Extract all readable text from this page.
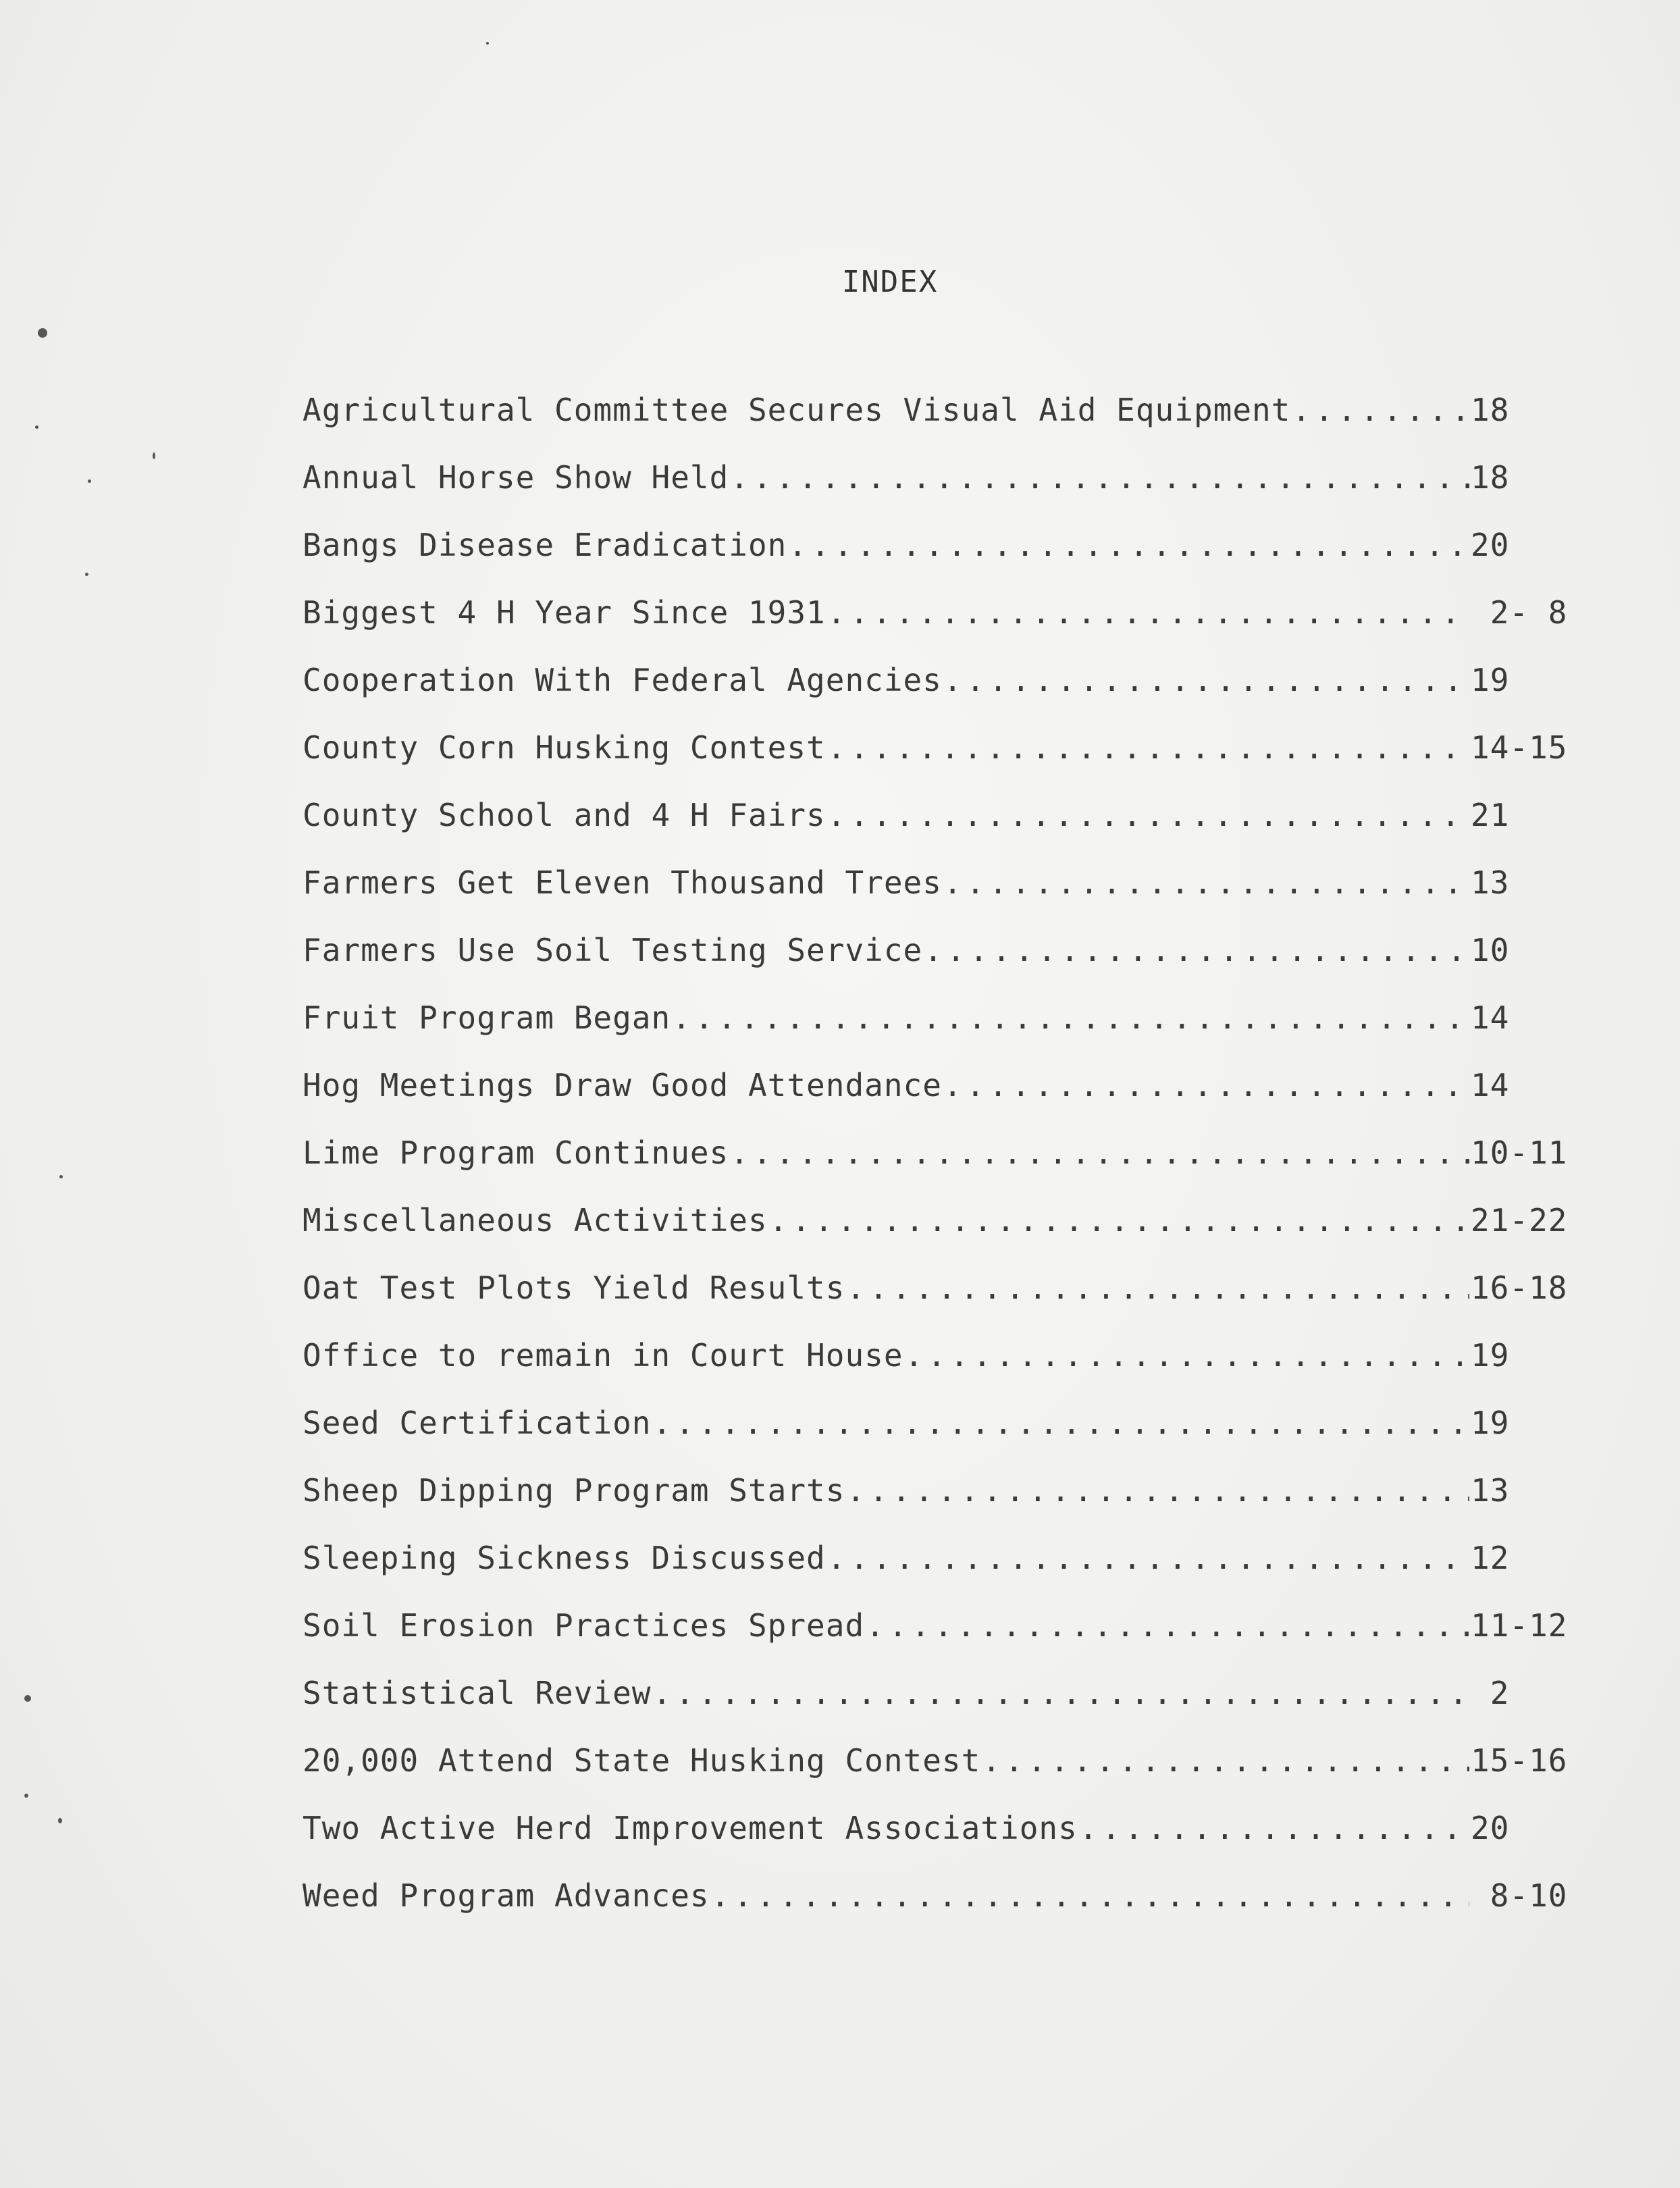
INDEX
Agricultural Committee Secures Visual Aid Equipment .....	18
Annual Horse Show Held .....	18
Bangs Disease Eradication .....	20
Biggest 4 H Year Since 1931 .....	2- 8
Cooperation With Federal Agencies .....	19
County Corn Husking Contest .....	14-15
County School and 4 H Fairs .....	21
Farmers Get Eleven Thousand Trees .....	13
Farmers Use Soil Testing Service .....	10
Fruit Program Began .....	14
Hog Meetings Draw Good Attendance .....	14
Lime Program Continues .....	10-11
Miscellaneous Activities .....	21-22
Oat Test Plots Yield Results .....	16-18
Office to remain in Court House .....	19
Seed Certification .....	19
Sheep Dipping Program Starts .....	13
Sleeping Sickness Discussed .....	12
Soil Erosion Practices Spread .....	11-12
Statistical Review .....	2
20,000 Attend State Husking Contest .....	15-16
Two Active Herd Improvement Associations .....	20
Weed Program Advances .....	8-10
